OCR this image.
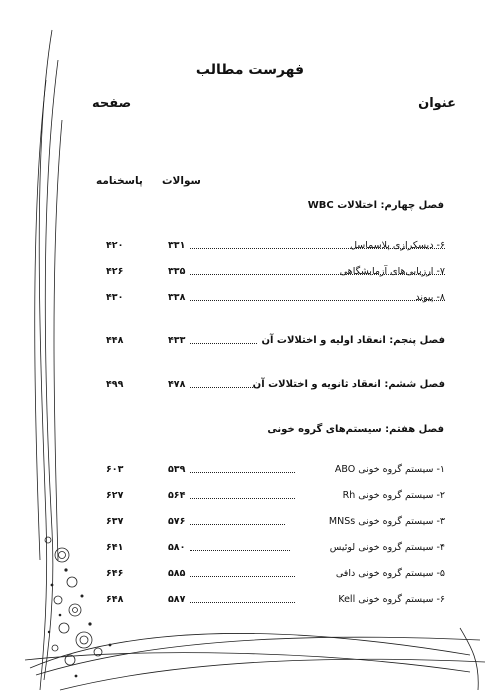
فهرست مطالب
عنوان
صفحه
سوالات
پاسخنامه
فصل چهارم: اختلالات WBC
۶- دیسکرازی پلاسماسل
۳۳۱
۴۲۰
۷- ارزیابی‌های آزمایشگاهی
۳۳۵
۴۲۶
۸- پیوند
۳۳۸
۴۳۰
فصل پنجم: انعقاد اولیه و اختلالات آن
۴۳۳
۴۴۸
فصل ششم: انعقاد ثانویه و اختلالات آن
۴۷۸
۴۹۹
فصل هفتم: سیستم‌های گروه خونی
۱- سیستم گروه خونی ABO
۵۳۹
۶۰۳
۲- سیستم گروه خونی Rh
۵۶۴
۶۲۷
۳- سیستم گروه خونی MNSs
۵۷۶
۶۳۷
۴- سیستم گروه خونی لوئیس
۵۸۰
۶۴۱
۵- سیستم گروه خونی دافی
۵۸۵
۶۴۶
۶- سیستم گروه خونی Kell
۵۸۷
۶۴۸
